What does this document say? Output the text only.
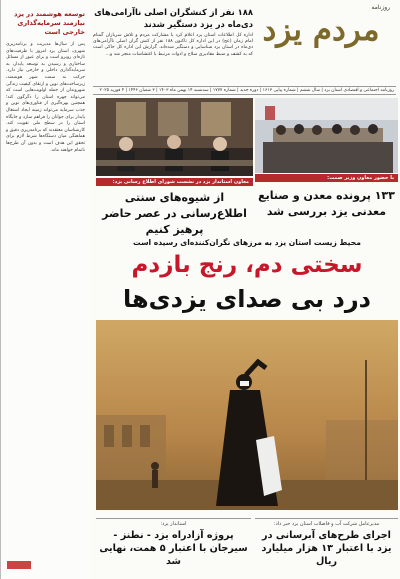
توسعه هوشمند در یزد نیازمند سرمایه‌گذاری خارجی است
پس از سال‌ها مدیریت و برنامه‌ریزی شهری، استان یزد امروز با ظرفیت‌های تازه‌ای روبرو است و برای عبور از مسائل ساختاری و رسیدن به توسعه پایدار، به سرمایه‌گذاری داخلی و خارجی نیاز دارد. حرکت به سمت شهر هوشمند، زیرساخت‌های نوین و ارتقای کیفیت زندگی شهروندان از جمله اولویت‌هایی است که می‌تواند چهره استان را دگرگون کند؛ همچنین بهره‌گیری از فناوری‌های نوین و جذب سرمایه می‌تواند زمینه ایجاد اشتغال پایدار برای جوانان را فراهم سازد و جایگاه استان را در سطح ملی تقویت کند. کارشناسان معتقدند که برنامه‌ریزی دقیق و هماهنگی میان دستگاه‌ها شرط لازم برای تحقق این هدف است و بدون آن طرح‌ها ناتمام خواهند ماند.
روزنامه
مردم یزد
۱۸۸ نفر از کنشگران اصلی ناآرامی‌های دی‌ماه در یزد دستگیر شدند
اداره کل اطلاعات استان یزد اعلام کرد با مشارکت مردم و تلاش سربازان گمنام امام زمان (عج) در این اداره کل تاکنون ۱۸۸ نفر از کنش گران اصلی ناآرامی‌های دی‌ماه در استان یزد شناسایی و دستگیر شده‌اند. گزارش این اداره کل حاکی است که به کشف و ضبط مقادیری سلاح و ادوات مرتبط با اغتشاشات منجر شد و...
روزنامه اجتماعی و اقتصادی استان یزد | سال ششم | شماره پیاپی ۱۶۱۳ | دوره جدید | شماره ۱۷۷۷ | سه‌شنبه ۱۴ بهمن ماه ۱۴۰۳ | ۳ شعبان ۱۴۴۶ | ۴ فوریه ۲۰۲۵
با حضور معاون وزیر صمت:
معاون استاندار یزد در نشست شورای اطلاع رسانی یزد:
۱۳۳ پرونده معدن و صنایع معدنی یزد بررسی شد
از شیوه‌های سنتی اطلاع‌رسانی در عصر حاضر پرهیز کنیم
محیط زیست استان یزد به مرزهای نگران‌کننده‌ای رسیده است
سختی دم، رنج بازدم
درد بی صدای یزدی‌ها
مدیرعامل شرکت آب و فاضلاب استان یزد خبر داد:
اجرای طرح‌های آبرسانی در یزد با اعتبار ۱۳ هزار میلیارد ریال
استاندار یزد:
پروژه آزادراه یزد - نطنز - سیرجان با اعتبار ۵ همت، نهایی شد
